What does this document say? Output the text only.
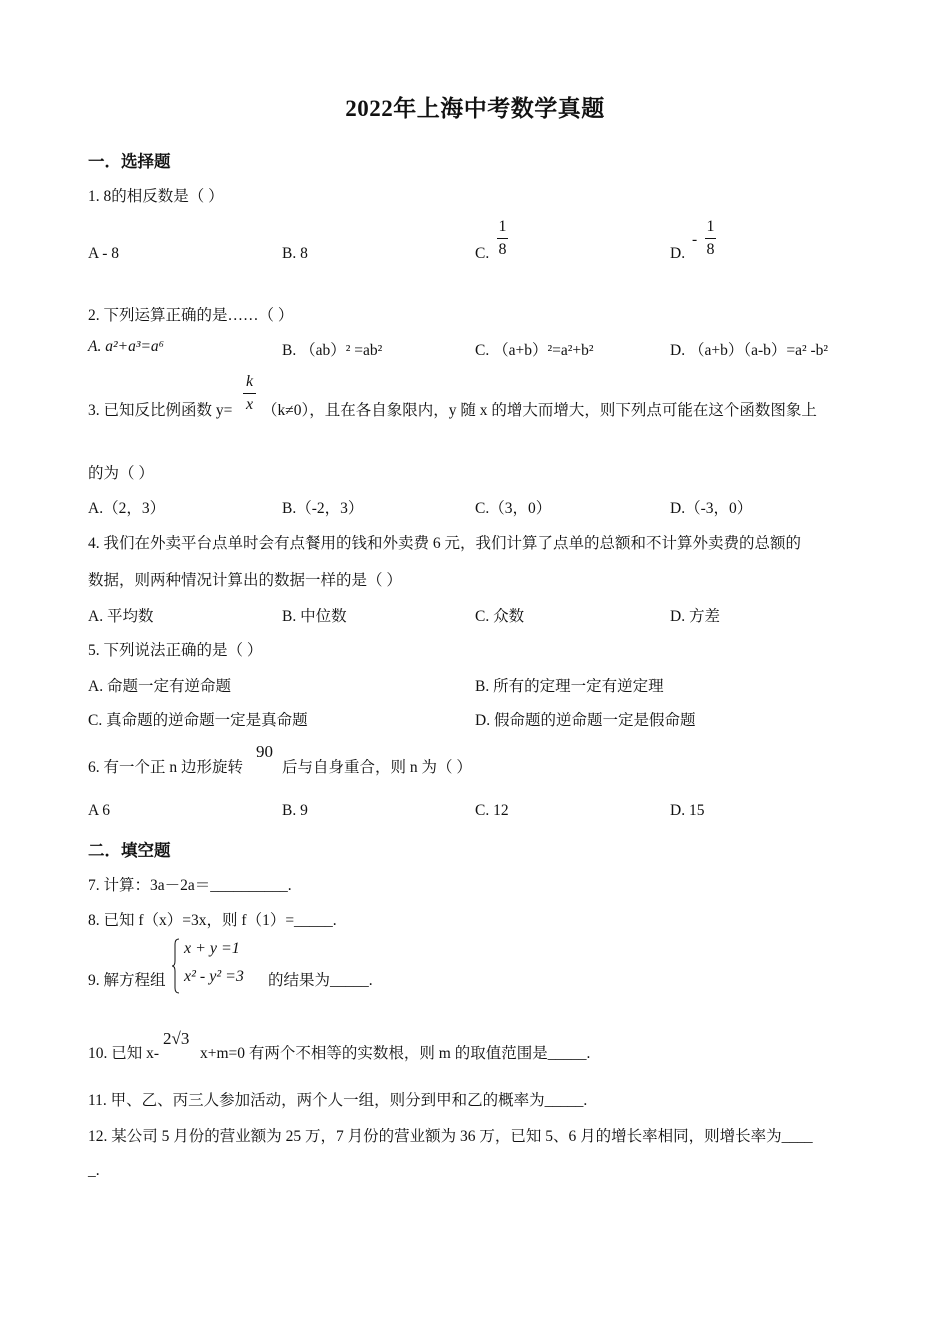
2022年上海中考数学真题
一．选择题
1. 8的相反数是（ ）
A - 8	B. 8	C.
1
8	D.
-
1
8
2. 下列运算正确的是……（ ）
A. a²+a³=a⁶	B. （ab）² =ab²	C. （a+b）²=a²+b²	D. （a+b）（a-b）=a² -b²
3. 已知反比例函数 y=
k
x （k≠0），且在各自象限内，y 随 x 的增大而增大，则下列点可能在这个函数图象上
的为（ ）
A.（2，3）	B.（-2，3）	C.（3，0）	D.（-3，0）
4. 我们在外卖平台点单时会有点餐用的钱和外卖费 6 元，我们计算了点单的总额和不计算外卖费的总额的
数据，则两种情况计算出的数据一样的是（ ）
A. 平均数	B. 中位数	C. 众数	D. 方差
5. 下列说法正确的是（ ）
A. 命题一定有逆命题	B. 所有的定理一定有逆定理
C. 真命题的逆命题一定是真命题	D. 假命题的逆命题一定是假命题
6. 有一个正 n 边形旋转
90
后与自身重合，则 n 为（ ）
A 6	B. 9	C. 12	D. 15
二．填空题
7. 计算：3a－2a＝__________.
8. 已知 f（x）=3x，则 f（1）=_____.
9. 解方程组
x + y =1
x² - y² =3 的结果为_____.
10. 已知 x-
2√3
x+m=0 有两个不相等的实数根，则 m 的取值范围是_____.
11. 甲、乙、丙三人参加活动，两个人一组，则分到甲和乙的概率为_____.
12. 某公司 5 月份的营业额为 25 万，7 月份的营业额为 36 万，已知 5、6 月的增长率相同，则增长率为____
_.
